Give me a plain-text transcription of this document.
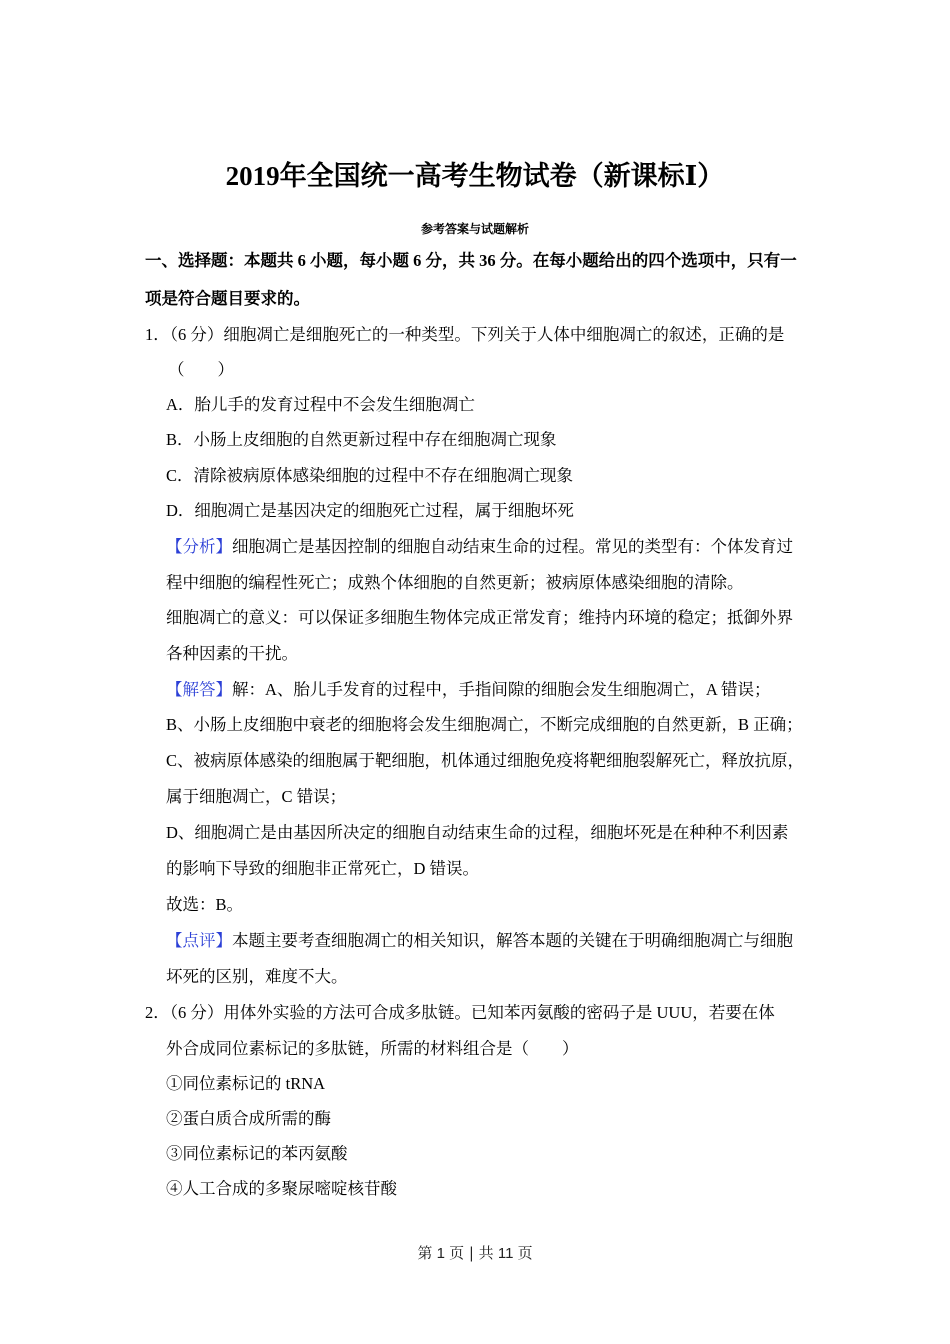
2019年全国统一高考生物试卷（新课标Ⅰ）
参考答案与试题解析
一、选择题：本题共 6 小题，每小题 6 分，共 36 分。在每小题给出的四个选项中，只有一
项是符合题目要求的。
1．（6 分）细胞凋亡是细胞死亡的一种类型。下列关于人体中细胞凋亡的叙述，正确的是
（　　）
A．胎儿手的发育过程中不会发生细胞凋亡
B．小肠上皮细胞的自然更新过程中存在细胞凋亡现象
C．清除被病原体感染细胞的过程中不存在细胞凋亡现象
D．细胞凋亡是基因决定的细胞死亡过程，属于细胞坏死
【分析】细胞凋亡是基因控制的细胞自动结束生命的过程。常见的类型有：个体发育过
程中细胞的编程性死亡；成熟个体细胞的自然更新；被病原体感染细胞的清除。
细胞凋亡的意义：可以保证多细胞生物体完成正常发育；维持内环境的稳定；抵御外界
各种因素的干扰。
【解答】解：A、胎儿手发育的过程中，手指间隙的细胞会发生细胞凋亡，A 错误；
B、小肠上皮细胞中衰老的细胞将会发生细胞凋亡，不断完成细胞的自然更新，B 正确；
C、被病原体感染的细胞属于靶细胞，机体通过细胞免疫将靶细胞裂解死亡，释放抗原，
属于细胞凋亡，C 错误；
D、细胞凋亡是由基因所决定的细胞自动结束生命的过程，细胞坏死是在种种不利因素
的影响下导致的细胞非正常死亡，D 错误。
故选：B。
【点评】本题主要考查细胞凋亡的相关知识，解答本题的关键在于明确细胞凋亡与细胞
坏死的区别，难度不大。
2．（6 分）用体外实验的方法可合成多肽链。已知苯丙氨酸的密码子是 UUU，若要在体
外合成同位素标记的多肽链，所需的材料组合是（　　）
①同位素标记的 tRNA
②蛋白质合成所需的酶
③同位素标记的苯丙氨酸
④人工合成的多聚尿嘧啶核苷酸
第 1 页 | 共 11 页
